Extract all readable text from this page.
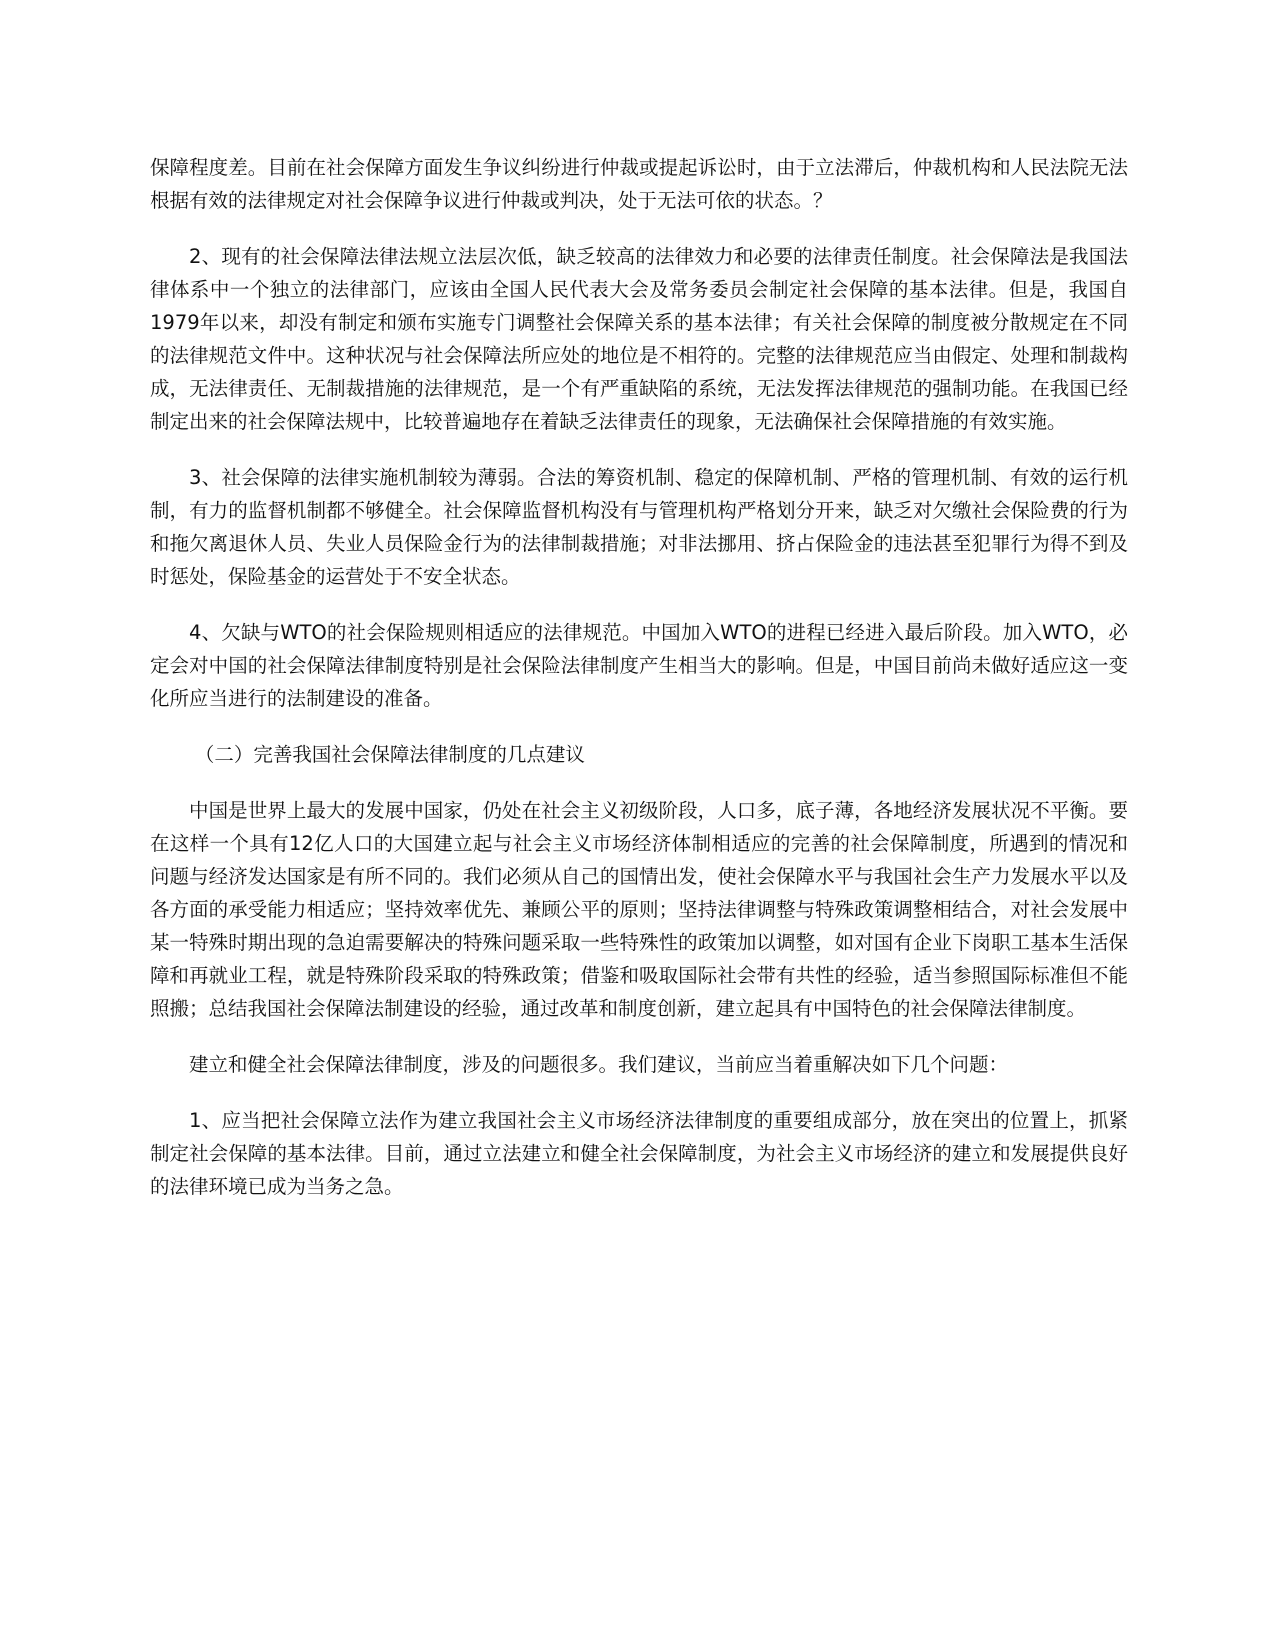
保障程度差。目前在社会保障方面发生争议纠纷进行仲裁或提起诉讼时，由于立法滞后，仲裁机构和人民法院无法根据有效的法律规定对社会保障争议进行仲裁或判决，处于无法可依的状态。？

2、现有的社会保障法律法规立法层次低，缺乏较高的法律效力和必要的法律责任制度。社会保障法是我国法律体系中一个独立的法律部门，应该由全国人民代表大会及常务委员会制定社会保障的基本法律。但是，我国自1979年以来，却没有制定和颁布实施专门调整社会保障关系的基本法律；有关社会保障的制度被分散规定在不同的法律规范文件中。这种状况与社会保障法所应处的地位是不相符的。完整的法律规范应当由假定、处理和制裁构成，无法律责任、无制裁措施的法律规范，是一个有严重缺陷的系统，无法发挥法律规范的强制功能。在我国已经制定出来的社会保障法规中，比较普遍地存在着缺乏法律责任的现象，无法确保社会保障措施的有效实施。

3、社会保障的法律实施机制较为薄弱。合法的筹资机制、稳定的保障机制、严格的管理机制、有效的运行机制，有力的监督机制都不够健全。社会保障监督机构没有与管理机构严格划分开来，缺乏对欠缴社会保险费的行为和拖欠离退休人员、失业人员保险金行为的法律制裁措施；对非法挪用、挤占保险金的违法甚至犯罪行为得不到及时惩处，保险基金的运营处于不安全状态。

4、欠缺与WTO的社会保险规则相适应的法律规范。中国加入WTO的进程已经进入最后阶段。加入WTO，必定会对中国的社会保障法律制度特别是社会保险法律制度产生相当大的影响。但是，中国目前尚未做好适应这一变化所应当进行的法制建设的准备。

（二）完善我国社会保障法律制度的几点建议

中国是世界上最大的发展中国家，仍处在社会主义初级阶段，人口多，底子薄，各地经济发展状况不平衡。要在这样一个具有12亿人口的大国建立起与社会主义市场经济体制相适应的完善的社会保障制度，所遇到的情况和问题与经济发达国家是有所不同的。我们必须从自己的国情出发，使社会保障水平与我国社会生产力发展水平以及各方面的承受能力相适应；坚持效率优先、兼顾公平的原则；坚持法律调整与特殊政策调整相结合，对社会发展中某一特殊时期出现的急迫需要解决的特殊问题采取一些特殊性的政策加以调整，如对国有企业下岗职工基本生活保障和再就业工程，就是特殊阶段采取的特殊政策；借鉴和吸取国际社会带有共性的经验，适当参照国际标准但不能照搬；总结我国社会保障法制建设的经验，通过改革和制度创新，建立起具有中国特色的社会保障法律制度。

建立和健全社会保障法律制度，涉及的问题很多。我们建议，当前应当着重解决如下几个问题：

1、应当把社会保障立法作为建立我国社会主义市场经济法律制度的重要组成部分，放在突出的位置上，抓紧制定社会保障的基本法律。目前，通过立法建立和健全社会保障制度，为社会主义市场经济的建立和发展提供良好的法律环境已成为当务之急。
